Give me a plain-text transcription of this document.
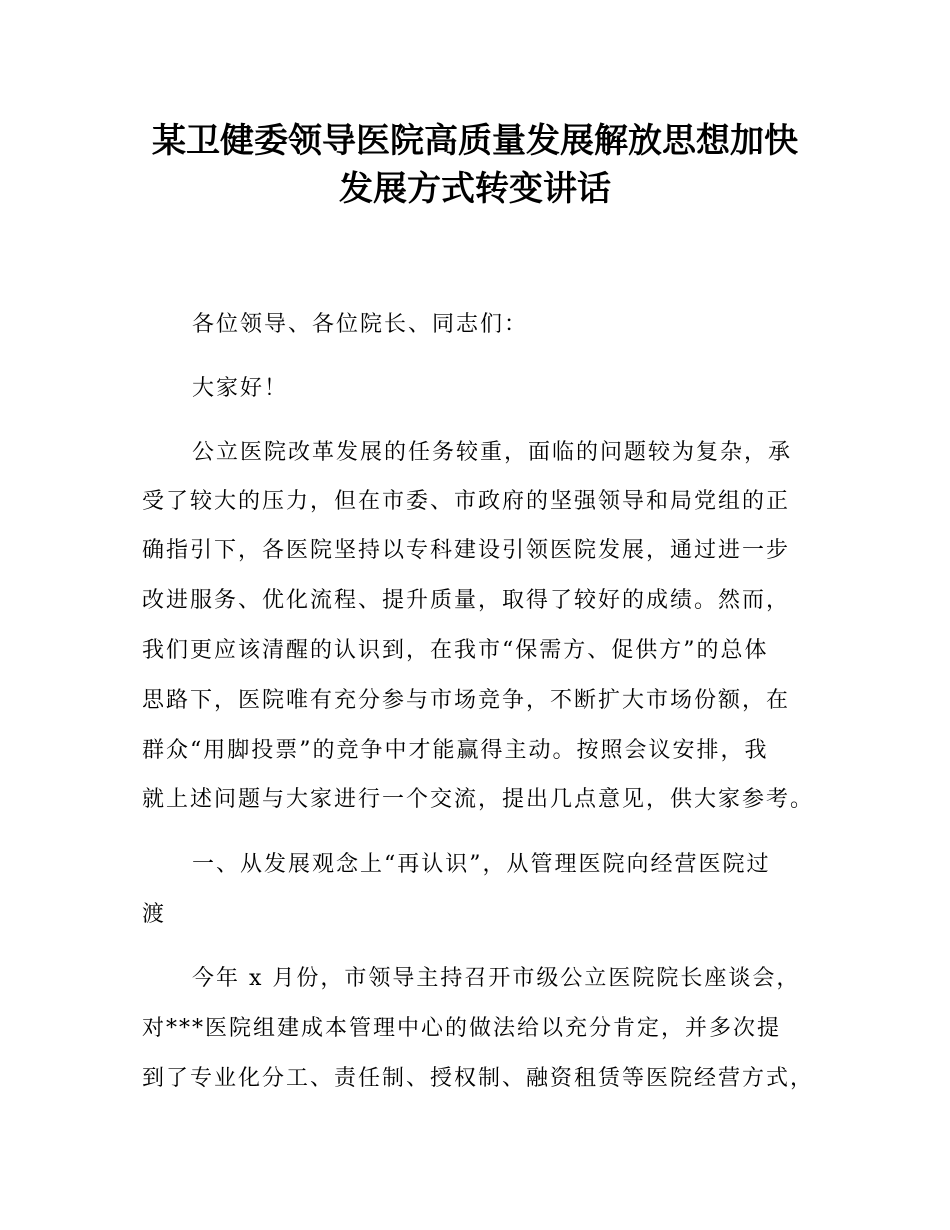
某卫健委领导医院高质量发展解放思想加快
发展方式转变讲话

各位领导、各位院长、同志们：

大家好！

公立医院改革发展的任务较重，面临的问题较为复杂，承

受了较大的压力，但在市委、市政府的坚强领导和局党组的正

确指引下，各医院坚持以专科建设引领医院发展，通过进一步

改进服务、优化流程、提升质量，取得了较好的成绩。然而，

我们更应该清醒的认识到，在我市“保需方、促供方”的总体

思路下，医院唯有充分参与市场竞争，不断扩大市场份额，在

群众“用脚投票”的竞争中才能赢得主动。按照会议安排，我

就上述问题与大家进行一个交流，提出几点意见，供大家参考。

一、从发展观念上“再认识”，从管理医院向经营医院过

渡

今年 x 月份，市领导主持召开市级公立医院院长座谈会，

对***医院组建成本管理中心的做法给以充分肯定，并多次提

到了专业化分工、责任制、授权制、融资租赁等医院经营方式，
